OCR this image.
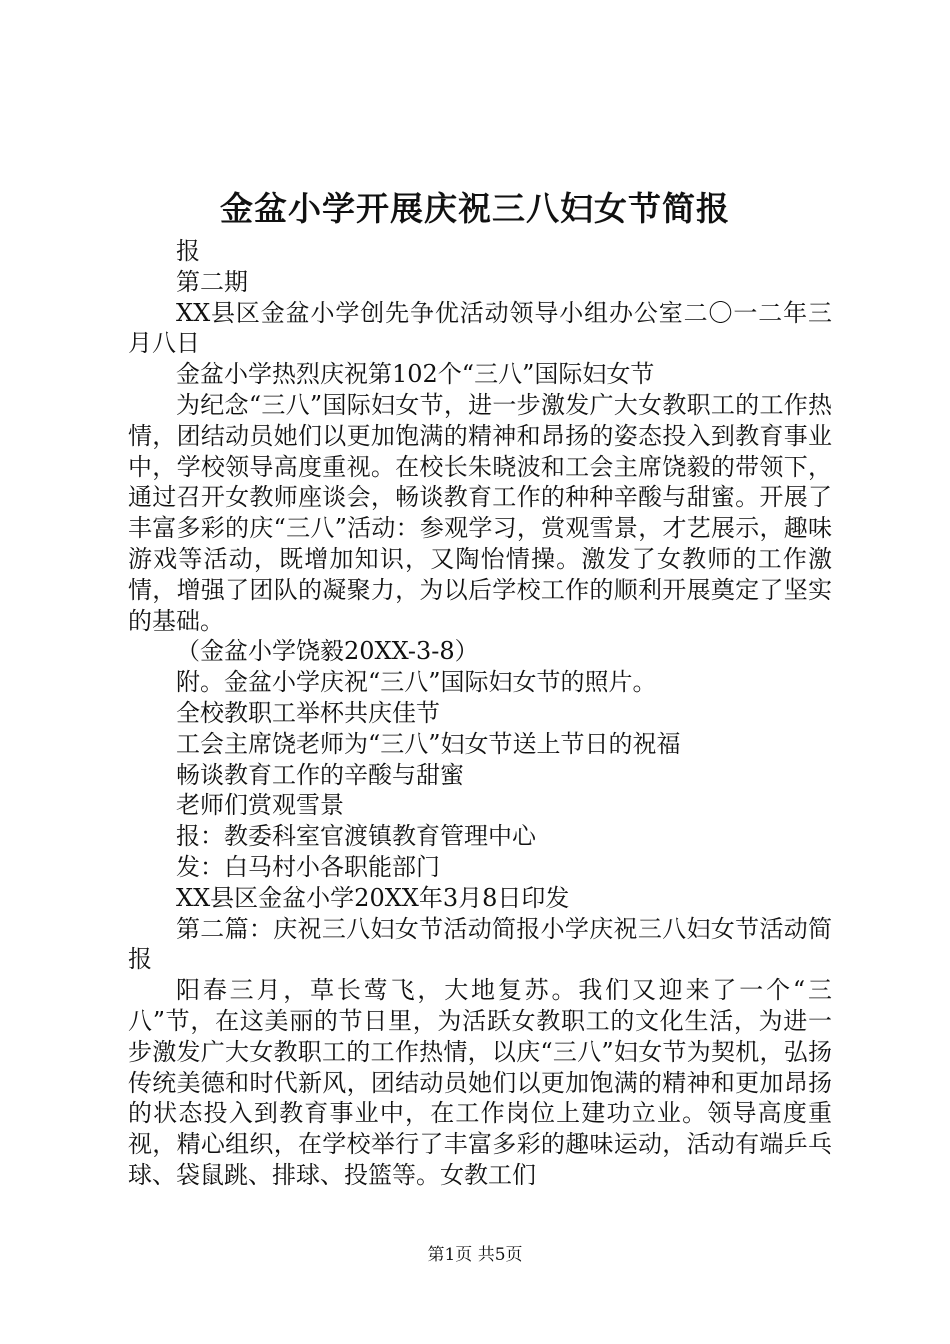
金盆小学开展庆祝三八妇女节简报

报

第二期

XX县区金盆小学创先争优活动领导小组办公室二〇一二年三月八日

金盆小学热烈庆祝第102个“三八”国际妇女节

为纪念“三八”国际妇女节，进一步激发广大女教职工的工作热情，团结动员她们以更加饱满的精神和昂扬的姿态投入到教育事业中，学校领导高度重视。在校长朱晓波和工会主席饶毅的带领下，通过召开女教师座谈会，畅谈教育工作的种种辛酸与甜蜜。开展了丰富多彩的庆“三八”活动：参观学习，赏观雪景，才艺展示，趣味游戏等活动，既增加知识，又陶怡情操。激发了女教师的工作激情，增强了团队的凝聚力，为以后学校工作的顺利开展奠定了坚实的基础。

（金盆小学饶毅20XX-3-8）

附。金盆小学庆祝“三八”国际妇女节的照片。

全校教职工举杯共庆佳节

工会主席饶老师为“三八”妇女节送上节日的祝福

畅谈教育工作的辛酸与甜蜜

老师们赏观雪景

报：教委科室官渡镇教育管理中心

发：白马村小各职能部门

XX县区金盆小学20XX年3月8日印发

第二篇：庆祝三八妇女节活动简报小学庆祝三八妇女节活动简报

阳春三月，草长莺飞，大地复苏。我们又迎来了一个“三八”节，在这美丽的节日里，为活跃女教职工的文化生活，为进一步激发广大女教职工的工作热情，以庆“三八”妇女节为契机，弘扬传统美德和时代新风，团结动员她们以更加饱满的精神和更加昂扬的状态投入到教育事业中，在工作岗位上建功立业。领导高度重视，精心组织，在学校举行了丰富多彩的趣味运动，活动有端乒乓球、袋鼠跳、排球、投篮等。女教工们

第1页 共5页
